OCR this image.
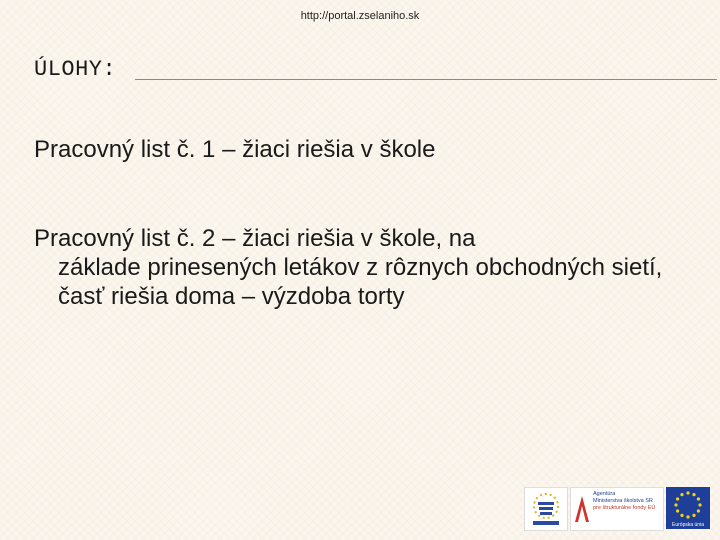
http://portal.zselaniho.sk
ÚLOHY:
Pracovný list č. 1 – žiaci riešia v škole
Pracovný list č. 2 – žiaci riešia v škole, na
základe prinesených letákov z rôznych obchodných sietí, časť riešia doma – výzdoba torty
Agentúra
Ministerstva školstva SR
pre štrukturálne fondy EÚ
Európska únia
